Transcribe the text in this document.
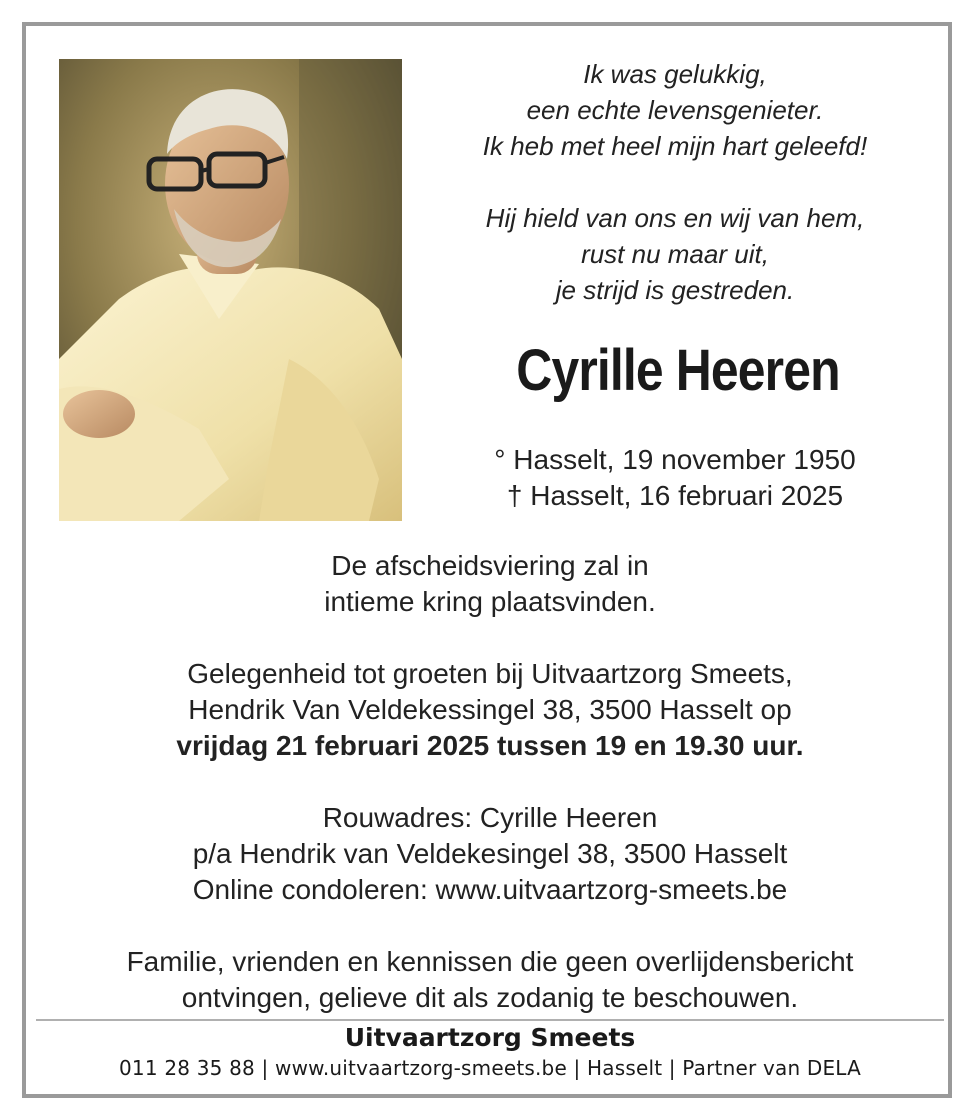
Ik was gelukkig,
een echte levensgenieter.
Ik heb met heel mijn hart geleefd!
Hij hield van ons en wij van hem,
rust nu maar uit,
je strijd is gestreden.
Cyrille Heeren
° Hasselt, 19 november 1950
† Hasselt, 16 februari 2025
De afscheidsviering zal in
intieme kring plaatsvinden.
Gelegenheid tot groeten bij Uitvaartzorg Smeets,
Hendrik Van Veldekessingel 38, 3500 Hasselt op
vrijdag 21 februari 2025 tussen 19 en 19.30 uur.
Rouwadres: Cyrille Heeren
p/a Hendrik van Veldekesingel 38, 3500 Hasselt
Online condoleren: www.uitvaartzorg-smeets.be
Familie, vrienden en kennissen die geen overlijdensbericht
ontvingen, gelieve dit als zodanig te beschouwen.
Uitvaartzorg Smeets
011 28 35 88 | www.uitvaartzorg-smeets.be | Hasselt | Partner van DELA
